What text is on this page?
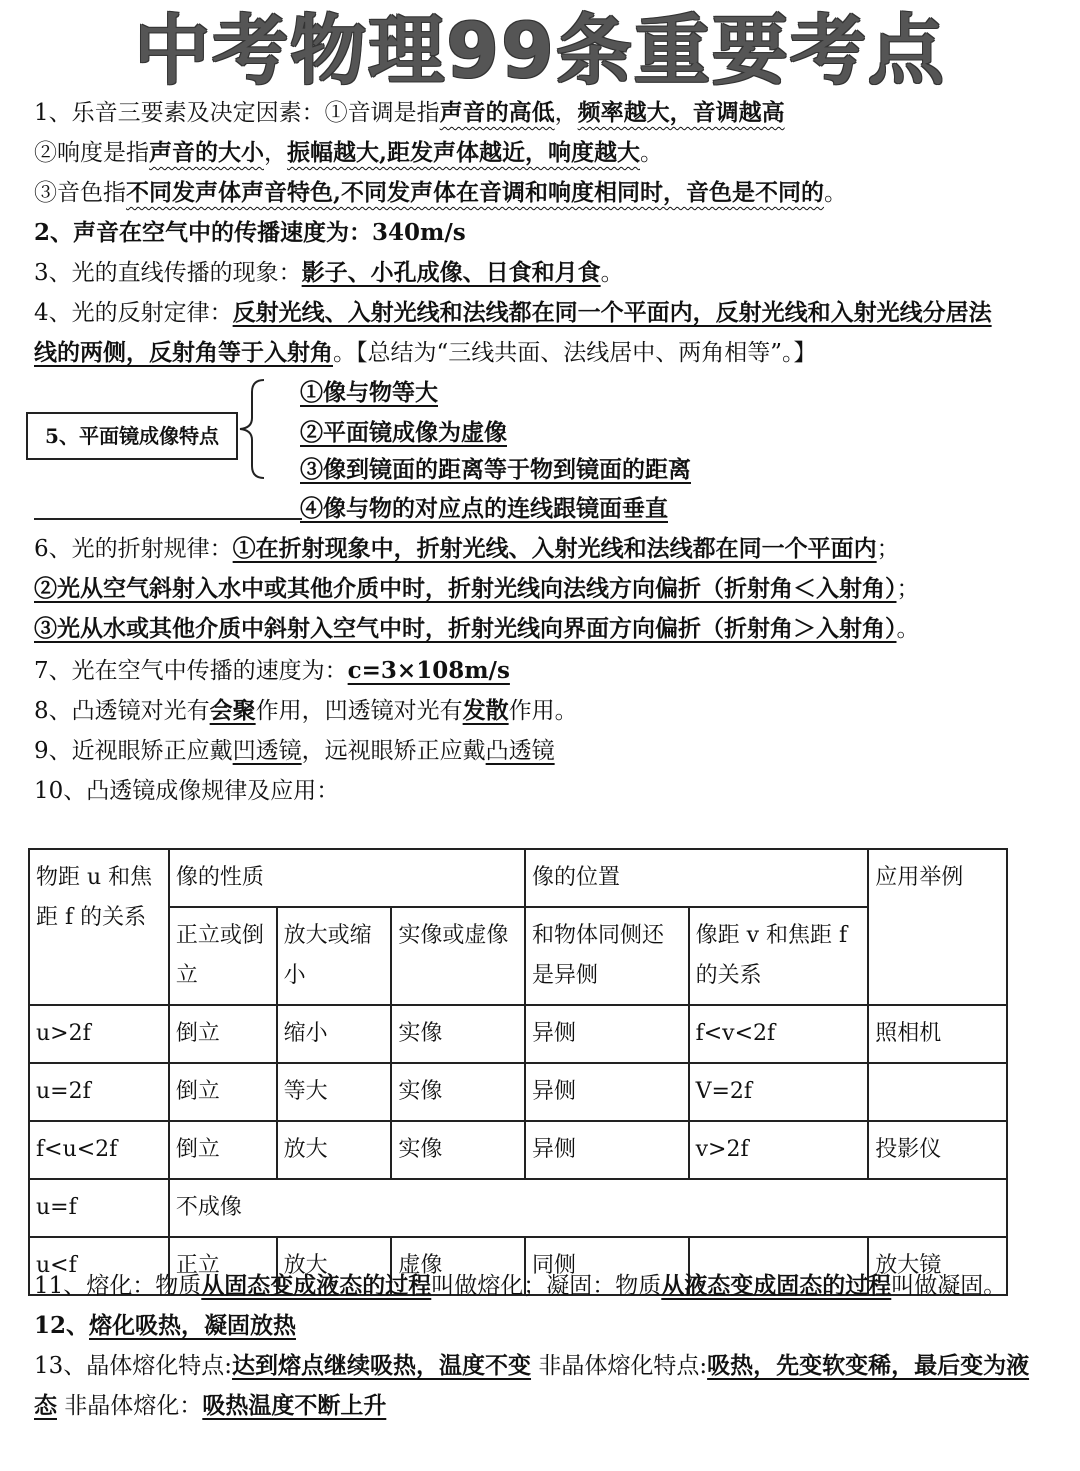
中考物理99条重要考点
1、乐音三要素及决定因素：①音调是指声音的高低，频率越大，音调越高
②响度是指声音的大小，振幅越大,距发声体越近，响度越大。
③音色指不同发声体声音特色,不同发声体在音调和响度相同时，音色是不同的。
2、声音在空气中的传播速度为：340m/s
3、光的直线传播的现象：影子、小孔成像、日食和月食。
4、光的反射定律：反射光线、入射光线和法线都在同一个平面内，反射光线和入射光线分居法
线的两侧，反射角等于入射角。【总结为“三线共面、法线居中、两角相等”。】
5、平面镜成像特点
①像与物等大
②平面镜成像为虚像
③像到镜面的距离等于物到镜面的距离
④像与物的对应点的连线跟镜面垂直
6、光的折射规律：①在折射现象中，折射光线、入射光线和法线都在同一个平面内；
②光从空气斜射入水中或其他介质中时，折射光线向法线方向偏折（折射角＜入射角）；
③光从水或其他介质中斜射入空气中时，折射光线向界面方向偏折（折射角＞入射角）。
7、光在空气中传播的速度为：c=3×108m/s
8、凸透镜对光有会聚作用，凹透镜对光有发散作用。
9、近视眼矫正应戴凹透镜，远视眼矫正应戴凸透镜
10、凸透镜成像规律及应用：
物距 u 和焦距 f 的关系	像的性质			像的位置		应用举例
	正立或倒立	放大或缩小	实像或虚像	和物体同侧还是异侧	像距 v 和焦距 f 的关系	
u>2f	倒立	缩小	实像	异侧	f<v<2f	照相机
u=2f	倒立	等大	实像	异侧	V=2f	
f<u<2f	倒立	放大	实像	异侧	v>2f	投影仪
u=f	不成像					
u<f	正立	放大	虚像	同侧		放大镜
11、熔化：物质从固态变成液态的过程叫做熔化；凝固：物质从液态变成固态的过程叫做凝固。
12、熔化吸热，凝固放热
13、晶体熔化特点:达到熔点继续吸热，温度不变 非晶体熔化特点:吸热，先变软变稀，最后变为液
态 非晶体熔化：吸热温度不断上升
